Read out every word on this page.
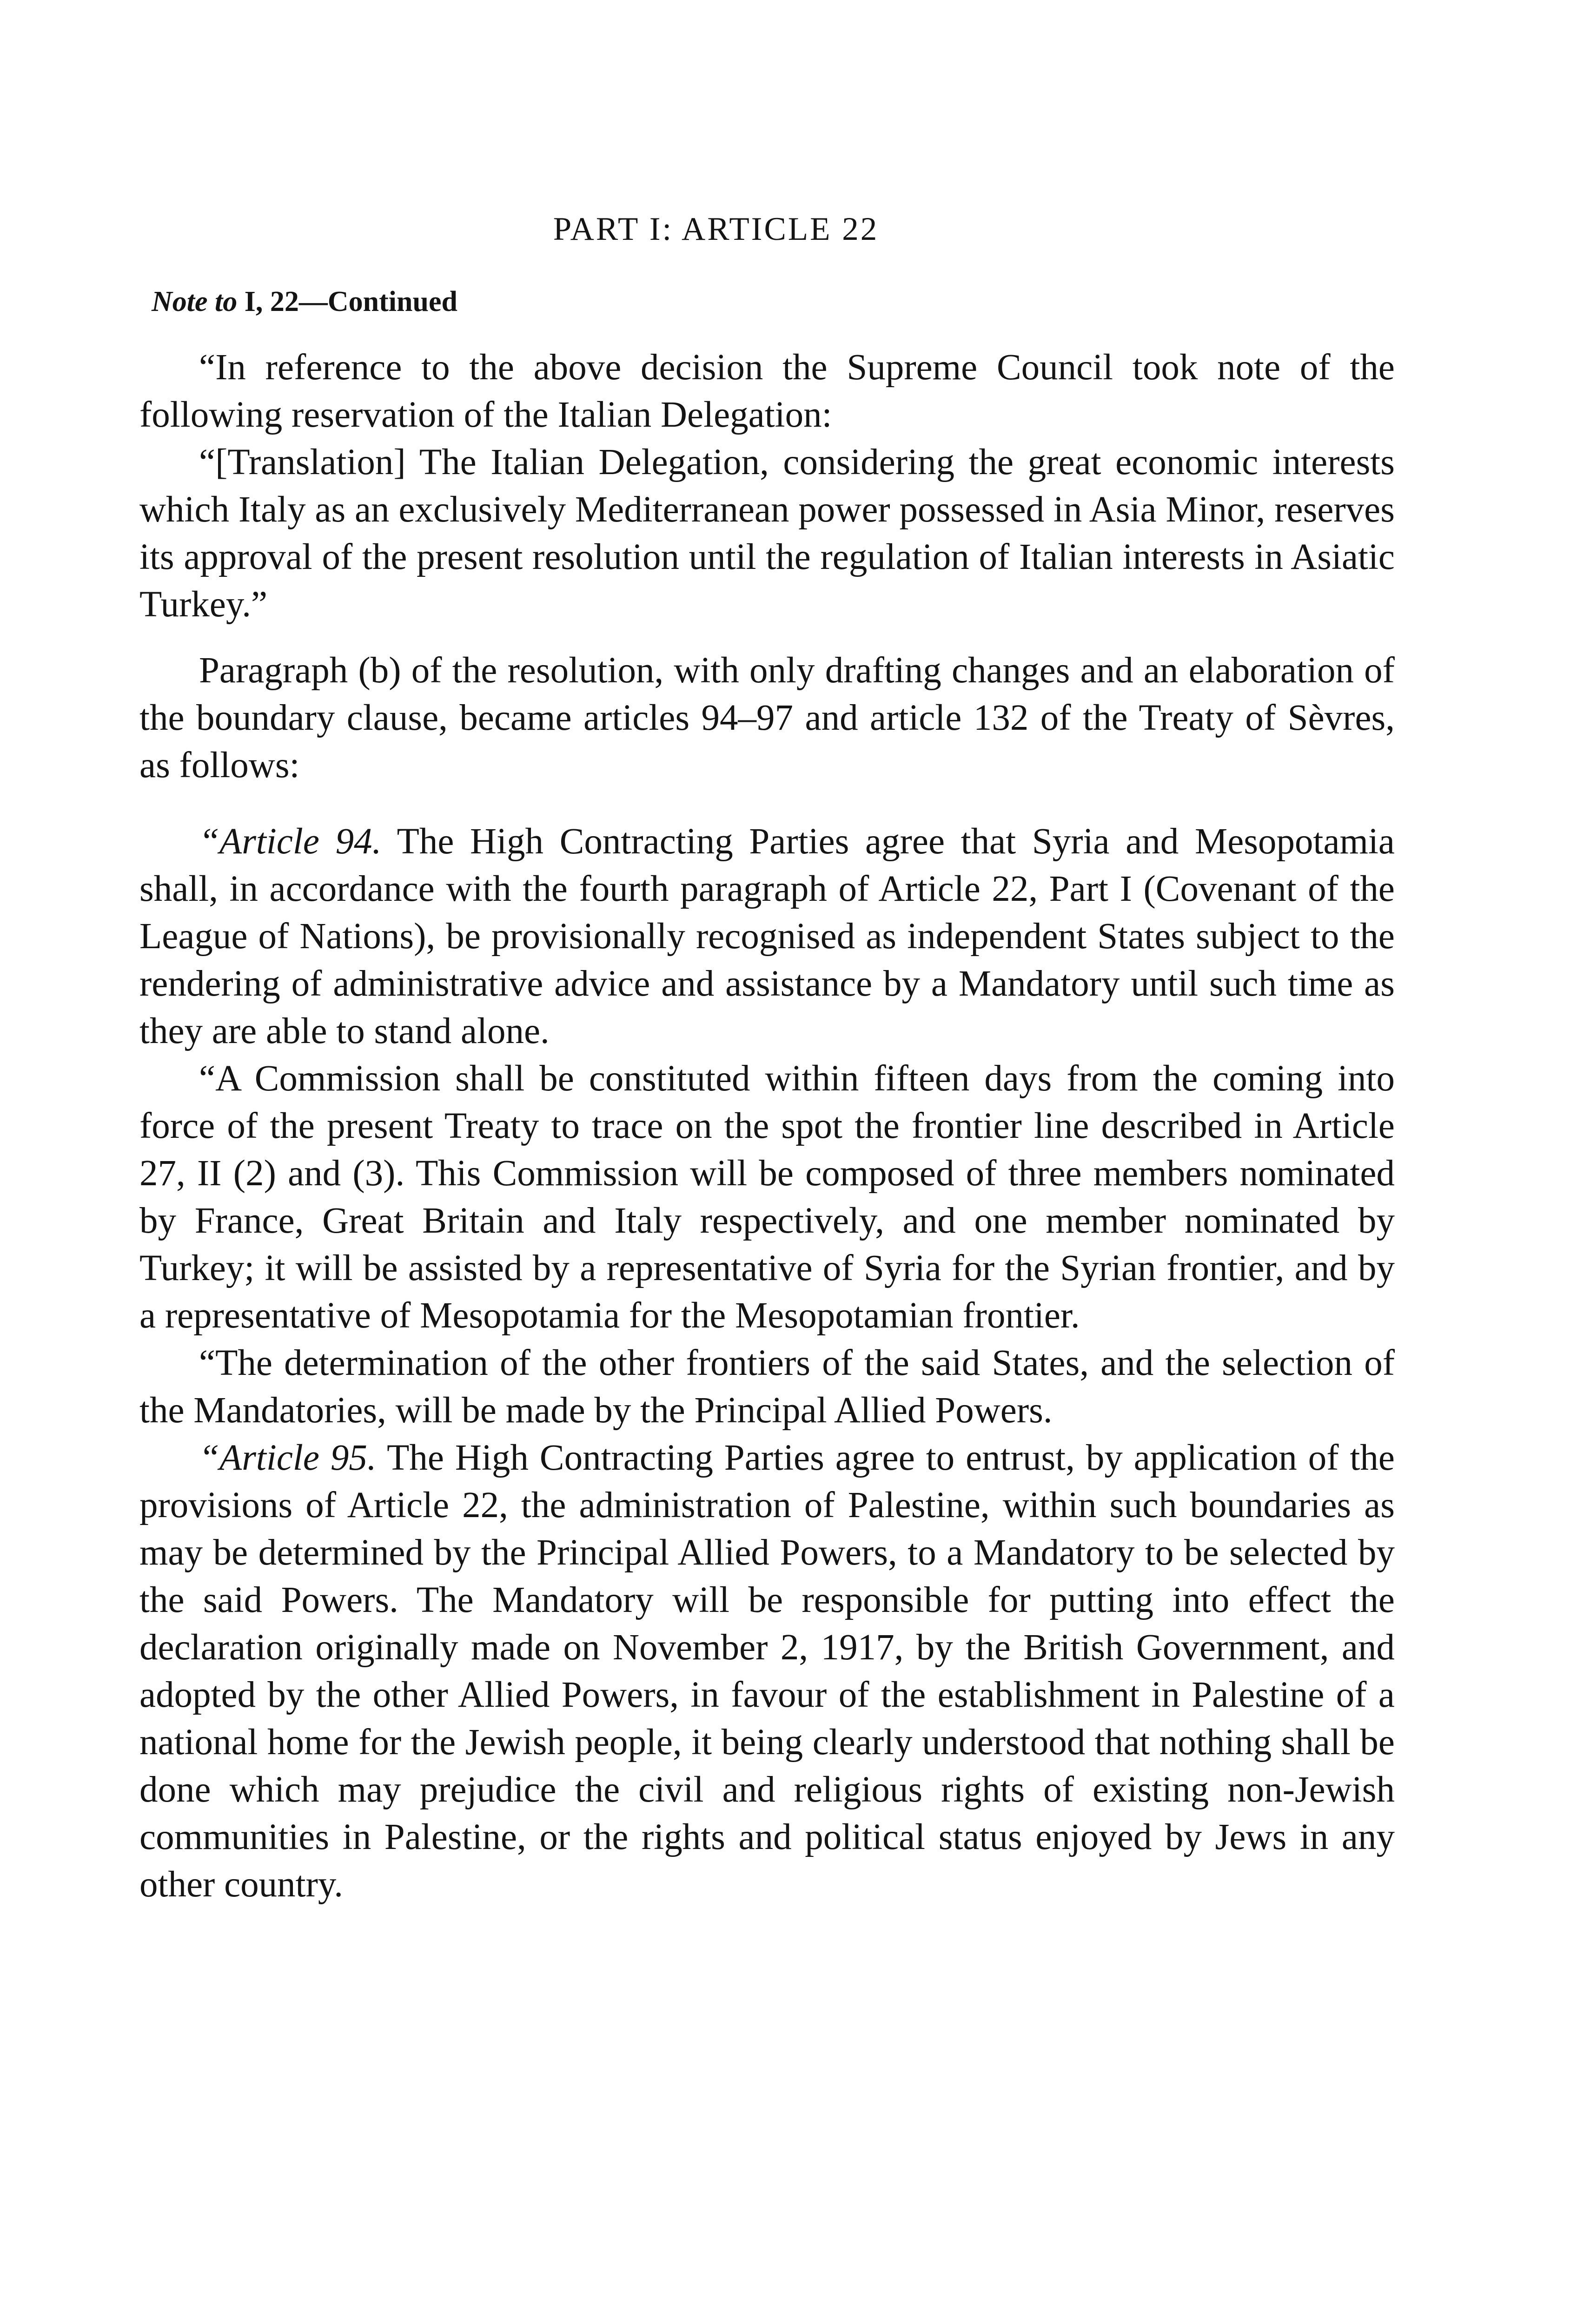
PART I: ARTICLE 22
Note to I, 22—Continued

“In reference to the above decision the Supreme Council took note of the following reservation of the Italian Delegation:

“[Translation] The Italian Delegation, considering the great economic interests which Italy as an exclusively Mediterranean power possessed in Asia Minor, reserves its approval of the present resolution until the regulation of Italian interests in Asiatic Turkey.”

Paragraph (b) of the resolution, with only drafting changes and an elaboration of the boundary clause, became articles 94–97 and article 132 of the Treaty of Sèvres, as follows:

“Article 94. The High Contracting Parties agree that Syria and Mesopotamia shall, in accordance with the fourth paragraph of Article 22, Part I (Covenant of the League of Nations), be provisionally recognised as independent States subject to the rendering of administrative advice and assistance by a Mandatory until such time as they are able to stand alone.

“A Commission shall be constituted within fifteen days from the coming into force of the present Treaty to trace on the spot the frontier line described in Article 27, II (2) and (3). This Commission will be composed of three members nominated by France, Great Britain and Italy respectively, and one member nominated by Turkey; it will be assisted by a representative of Syria for the Syrian frontier, and by a representative of Mesopotamia for the Mesopotamian frontier.

“The determination of the other frontiers of the said States, and the selection of the Mandatories, will be made by the Principal Allied Powers.

“Article 95. The High Contracting Parties agree to entrust, by application of the provisions of Article 22, the administration of Palestine, within such boundaries as may be determined by the Principal Allied Powers, to a Mandatory to be selected by the said Powers. The Mandatory will be responsible for putting into effect the declaration originally made on November 2, 1917, by the British Government, and adopted by the other Allied Powers, in favour of the establishment in Palestine of a national home for the Jewish people, it being clearly understood that nothing shall be done which may prejudice the civil and religious rights of existing non-Jewish communities in Palestine, or the rights and political status enjoyed by Jews in any other country.
